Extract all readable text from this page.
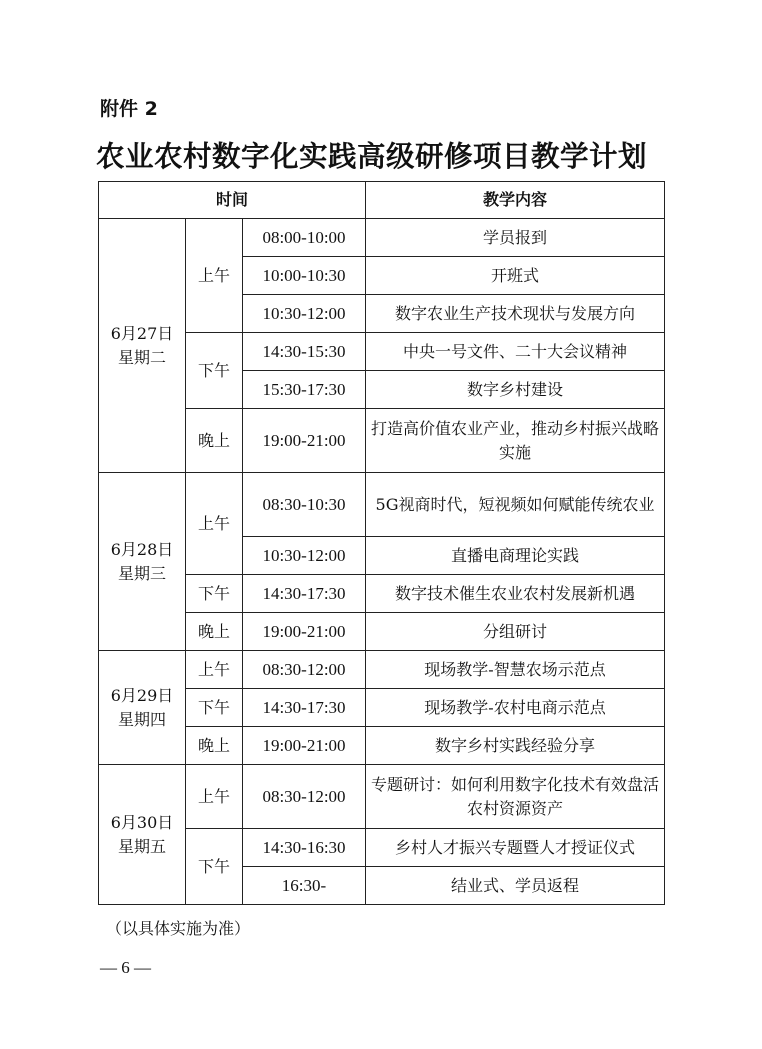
附件 2
农业农村数字化实践高级研修项目教学计划
时间			教学内容

6月27日
星期二	上午	08:00-10:00	学员报到
		10:00-10:30	开班式
		10:30-12:00	数字农业生产技术现状与发展方向
	下午	14:30-15:30	中央一号文件、二十大会议精神
		15:30-17:30	数字乡村建设
	晚上	19:00-21:00	打造高价值农业产业，推动乡村振兴战略实施

6月28日
星期三	上午	08:30-10:30	5G视商时代，短视频如何赋能传统农业
		10:30-12:00	直播电商理论实践
	下午	14:30-17:30	数字技术催生农业农村发展新机遇
	晚上	19:00-21:00	分组研讨

6月29日
星期四	上午	08:30-12:00	现场教学-智慧农场示范点
	下午	14:30-17:30	现场教学-农村电商示范点
	晚上	19:00-21:00	数字乡村实践经验分享

6月30日
星期五	上午	08:30-12:00	专题研讨：如何利用数字化技术有效盘活农村资源资产
	下午	14:30-16:30	乡村人才振兴专题暨人才授证仪式
		16:30-	结业式、学员返程
（以具体实施为准）
— 6 —
